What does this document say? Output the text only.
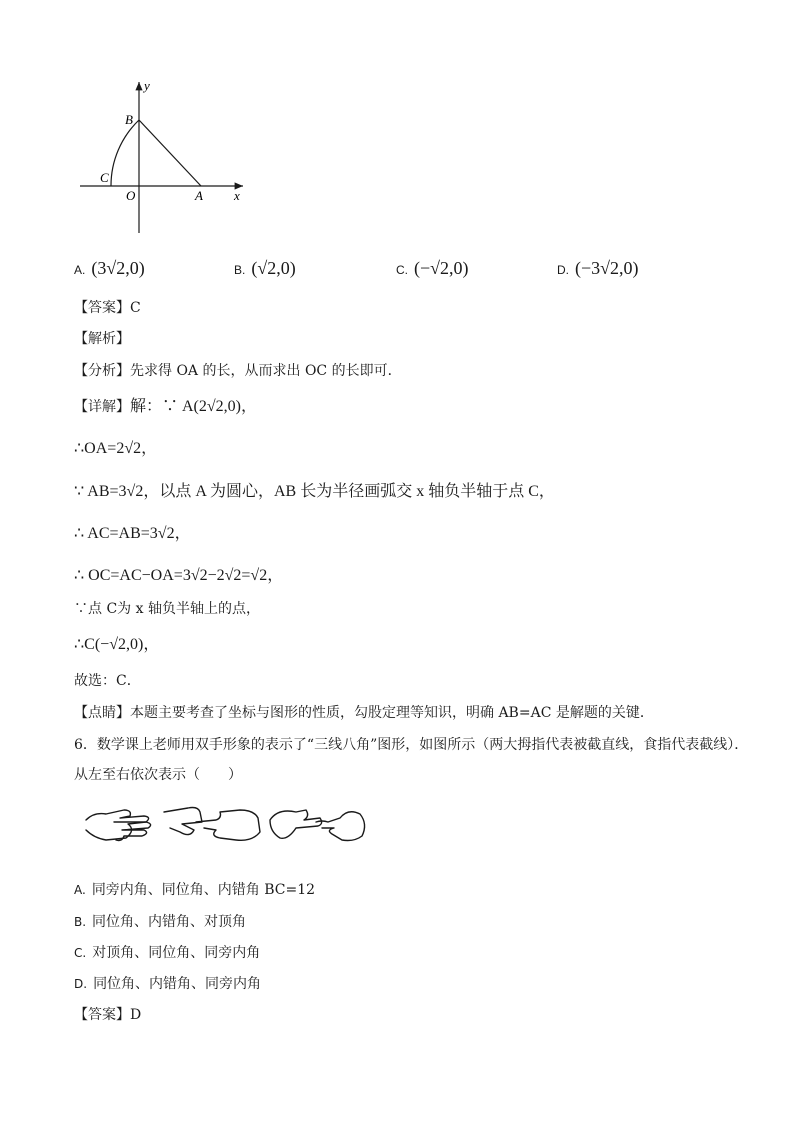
y
B
C
O	A x
A. (3√2,0)	B. (√2,0)	C. (−√2,0)	D. (−3√2,0)
【答案】C
【解析】
【分析】先求得 OA 的长，从而求出 OC 的长即可．
【详解】解：∵ A(2√2,0)，
∴OA=2√2，
∵ AB=3√2，以点 A 为圆心，AB 长为半径画弧交 x 轴负半轴于点 C，
∴ AC=AB=3√2，
∴ OC=AC−OA=3√2−2√2=√2，
∵点 C为 x 轴负半轴上的点，
∴C(−√2,0)，
故选：C．
【点睛】本题主要考查了坐标与图形的性质，勾股定理等知识，明确 AB=AC 是解题的关键．
6．数学课上老师用双手形象的表示了“三线八角”图形，如图所示（两大拇指代表被截直线，食指代表截线）．
从左至右依次表示（　　）
A. 同旁内角、同位角、内错角 BC=12
B. 同位角、内错角、对顶角
C. 对顶角、同位角、同旁内角
D. 同位角、内错角、同旁内角
【答案】D
